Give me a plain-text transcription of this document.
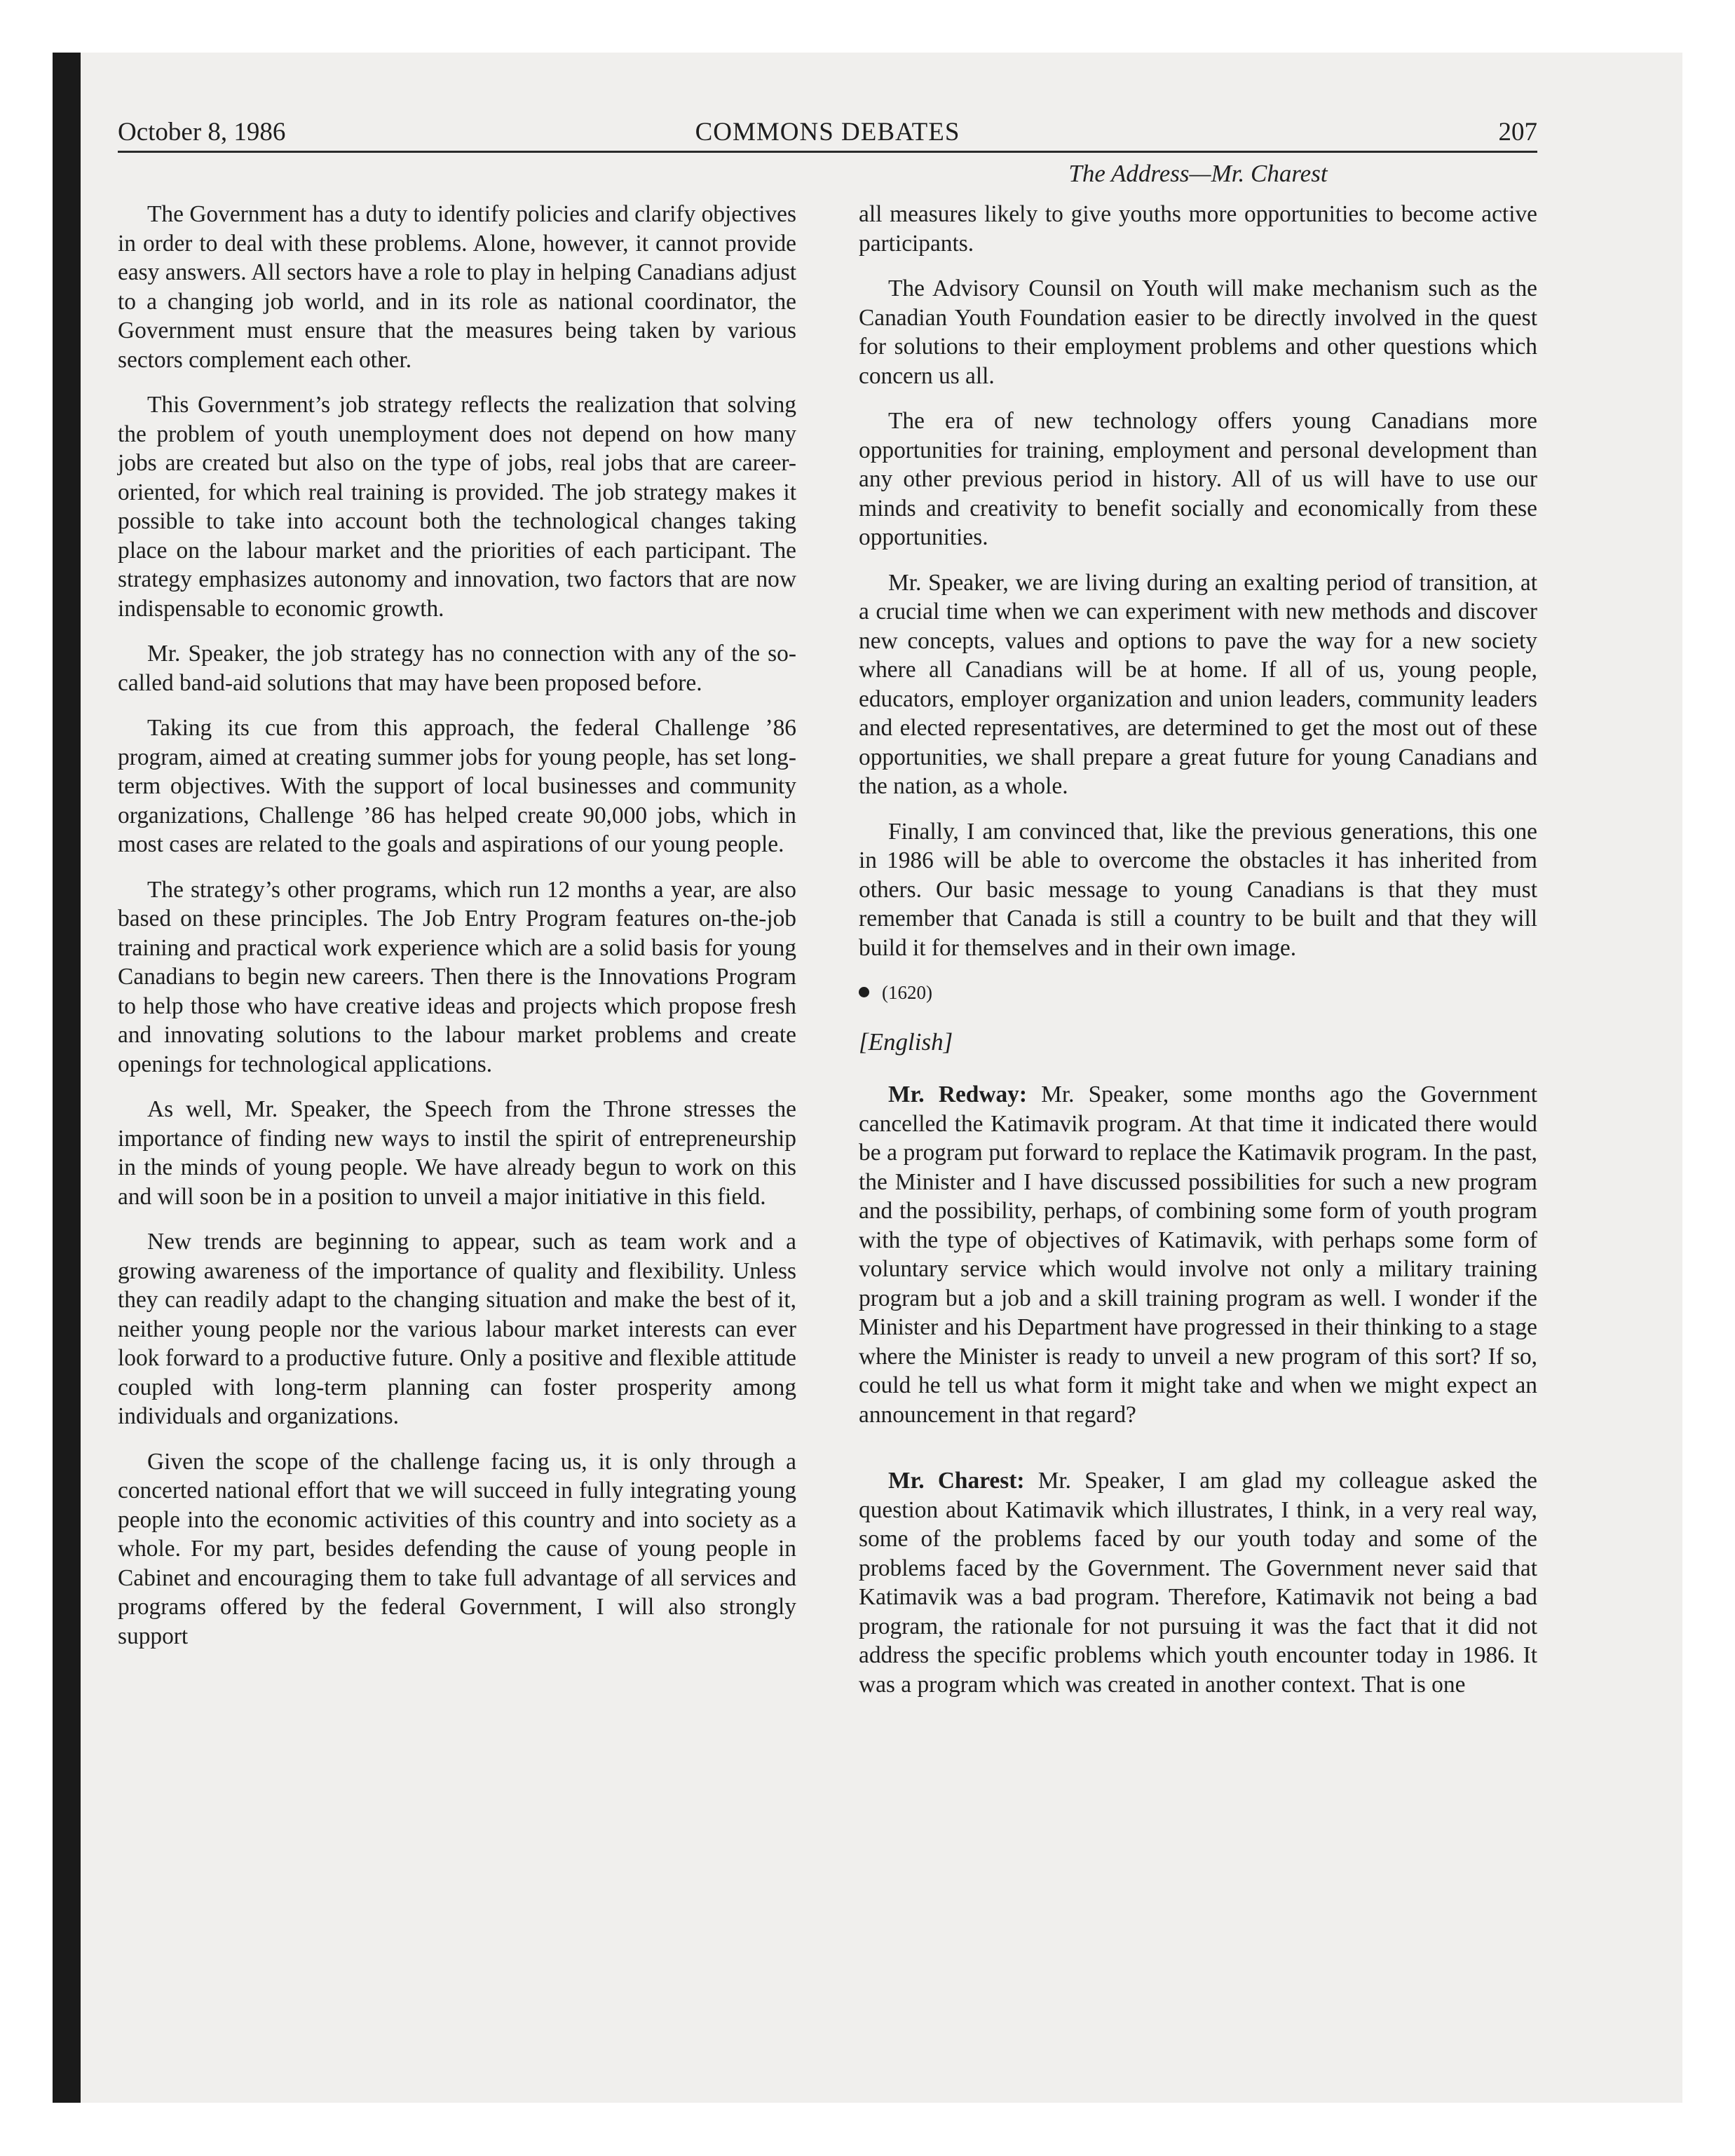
October 8, 1986	COMMONS DEBATES	207
The Address—Mr. Charest

The Government has a duty to identify policies and clarify objectives in order to deal with these problems. Alone, however, it cannot provide easy answers. All sectors have a role to play in helping Canadians adjust to a changing job world, and in its role as national coordinator, the Government must ensure that the measures being taken by various sectors complement each other.

This Government’s job strategy reflects the realization that solving the problem of youth unemployment does not depend on how many jobs are created but also on the type of jobs, real jobs that are career-oriented, for which real training is provided. The job strategy makes it possible to take into account both the technological changes taking place on the labour market and the priorities of each participant. The strategy emphasizes autonomy and innovation, two factors that are now indispensable to economic growth.

Mr. Speaker, the job strategy has no connection with any of the so-called band-aid solutions that may have been proposed before.

Taking its cue from this approach, the federal Challenge ’86 program, aimed at creating summer jobs for young people, has set long-term objectives. With the support of local businesses and community organizations, Challenge ’86 has helped create 90,000 jobs, which in most cases are related to the goals and aspirations of our young people.

The strategy’s other programs, which run 12 months a year, are also based on these principles. The Job Entry Program features on-the-job training and practical work experience which are a solid basis for young Canadians to begin new careers. Then there is the Innovations Program to help those who have creative ideas and projects which propose fresh and innovating solutions to the labour market problems and create openings for technological applications.

As well, Mr. Speaker, the Speech from the Throne stresses the importance of finding new ways to instil the spirit of entrepreneurship in the minds of young people. We have already begun to work on this and will soon be in a position to unveil a major initiative in this field.

New trends are beginning to appear, such as team work and a growing awareness of the importance of quality and flexibility. Unless they can readily adapt to the changing situation and make the best of it, neither young people nor the various labour market interests can ever look forward to a productive future. Only a positive and flexible attitude coupled with long-term planning can foster prosperity among individuals and organizations.

Given the scope of the challenge facing us, it is only through a concerted national effort that we will succeed in fully integrating young people into the economic activities of this country and into society as a whole. For my part, besides defending the cause of young people in Cabinet and encouraging them to take full advantage of all services and programs offered by the federal Government, I will also strongly support

all measures likely to give youths more opportunities to become active participants.

The Advisory Counsil on Youth will make mechanism such as the Canadian Youth Foundation easier to be directly involved in the quest for solutions to their employment problems and other questions which concern us all.

The era of new technology offers young Canadians more opportunities for training, employment and personal development than any other previous period in history. All of us will have to use our minds and creativity to benefit socially and economically from these opportunities.

Mr. Speaker, we are living during an exalting period of transition, at a crucial time when we can experiment with new methods and discover new concepts, values and options to pave the way for a new society where all Canadians will be at home. If all of us, young people, educators, employer organization and union leaders, community leaders and elected representatives, are determined to get the most out of these opportunities, we shall prepare a great future for young Canadians and the nation, as a whole.

Finally, I am convinced that, like the previous generations, this one in 1986 will be able to overcome the obstacles it has inherited from others. Our basic message to young Canadians is that they must remember that Canada is still a country to be built and that they will build it for themselves and in their own image.

(1620)
[English]

Mr. Redway: Mr. Speaker, some months ago the Government cancelled the Katimavik program. At that time it indicated there would be a program put forward to replace the Katimavik program. In the past, the Minister and I have discussed possibilities for such a new program and the possibility, perhaps, of combining some form of youth program with the type of objectives of Katimavik, with perhaps some form of voluntary service which would involve not only a military training program but a job and a skill training program as well. I wonder if the Minister and his Department have progressed in their thinking to a stage where the Minister is ready to unveil a new program of this sort? If so, could he tell us what form it might take and when we might expect an announcement in that regard?

Mr. Charest: Mr. Speaker, I am glad my colleague asked the question about Katimavik which illustrates, I think, in a very real way, some of the problems faced by our youth today and some of the problems faced by the Government. The Government never said that Katimavik was a bad program. Therefore, Katimavik not being a bad program, the rationale for not pursuing it was the fact that it did not address the specific problems which youth encounter today in 1986. It was a program which was created in another context. That is one
